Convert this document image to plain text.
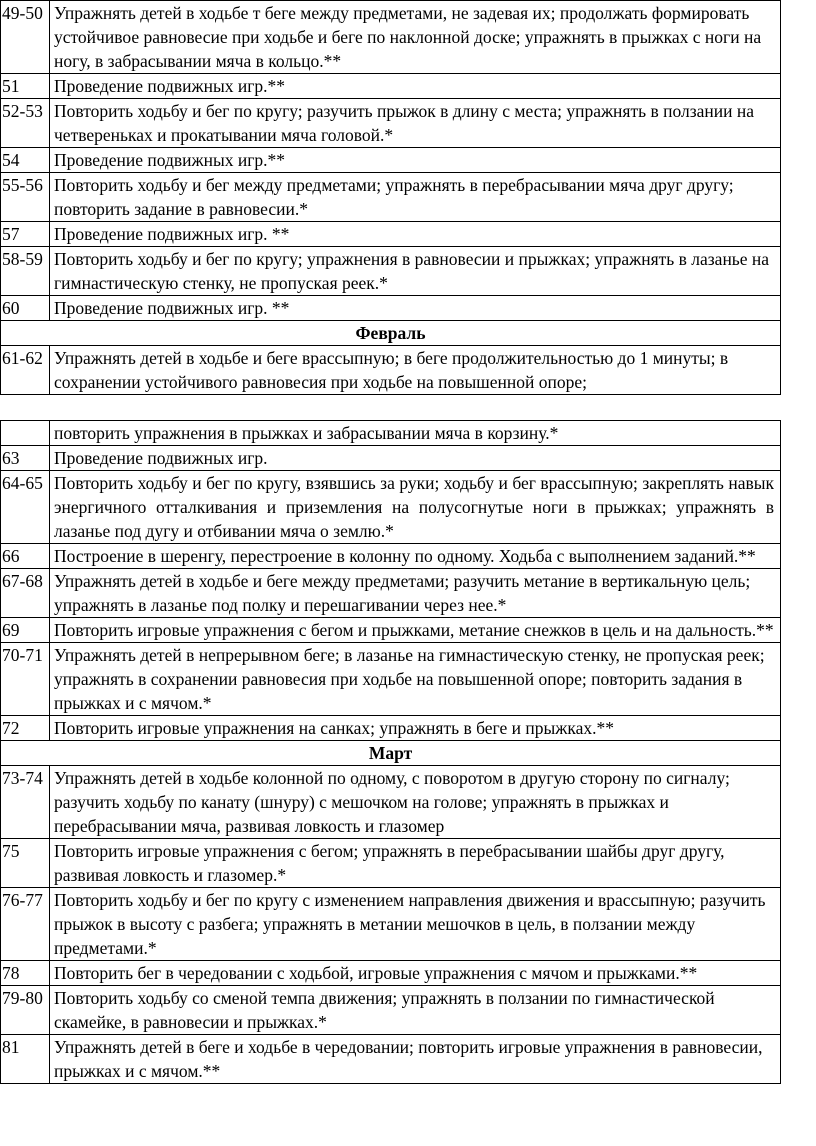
49-50	Упражнять детей в ходьбе т беге между предметами, не задевая их; продолжать формировать устойчивое равновесие при ходьбе и беге по наклонной доске; упражнять в прыжках с ноги на ногу, в забрасывании мяча в кольцо.**
51	Проведение подвижных игр.**
52-53	Повторить ходьбу и бег по кругу; разучить прыжок в длину с места; упражнять в ползании на четвереньках и прокатывании мяча головой.*
54	Проведение подвижных игр.**
55-56	Повторить ходьбу и бег между предметами; упражнять в перебрасывании мяча друг другу; повторить задание в равновесии.*
57	Проведение подвижных игр. **
58-59	Повторить ходьбу и бег по кругу; упражнения в равновесии и прыжках; упражнять в лазанье на гимнастическую стенку, не пропуская реек.*
60	Проведение подвижных игр. **
Февраль	
61-62	Упражнять детей в ходьбе и беге врассыпную; в беге продолжительностью до 1 минуты; в сохранении устойчивого равновесия при ходьбе на повышенной опоре;
	повторить упражнения в прыжках и забрасывании мяча в корзину.*
63	Проведение подвижных игр.
64-65	Повторить ходьбу и бег по кругу, взявшись за руки; ходьбу и бег врассыпную; закреплять навык энергичного отталкивания и приземления на полусогнутые ноги в прыжках; упражнять в лазанье под дугу и отбивании мяча о землю.*
66	Построение в шеренгу, перестроение в колонну по одному. Ходьба с выполнением заданий.**
67-68	Упражнять детей в ходьбе и беге между предметами; разучить метание в вертикальную цель; упражнять в лазанье под полку и перешагивании через нее.*
69	Повторить игровые упражнения с бегом и прыжками, метание снежков в цель и на дальность.**
70-71	Упражнять детей в непрерывном беге; в лазанье на гимнастическую стенку, не пропуская реек; упражнять в сохранении равновесия при ходьбе на повышенной опоре; повторить задания в прыжках и с мячом.*
72	Повторить игровые упражнения на санках; упражнять в беге и прыжках.**
Март	
73-74	Упражнять детей в ходьбе колонной по одному, с поворотом в другую сторону по сигналу; разучить ходьбу по канату (шнуру) с мешочком на голове; упражнять в прыжках и перебрасывании мяча, развивая ловкость и глазомер
75	Повторить игровые упражнения с бегом; упражнять в перебрасывании шайбы друг другу, развивая ловкость и глазомер.*
76-77	Повторить ходьбу и бег по кругу с изменением направления движения и врассыпную; разучить прыжок в высоту с разбега; упражнять в метании мешочков в цель, в ползании между предметами.*
78	Повторить бег в чередовании с ходьбой, игровые упражнения с мячом и прыжками.**
79-80	Повторить ходьбу со сменой темпа движения; упражнять в ползании по гимнастической скамейке, в равновесии и прыжках.*
81	Упражнять детей в беге и ходьбе в чередовании; повторить игровые упражнения в равновесии, прыжках и с мячом.**
